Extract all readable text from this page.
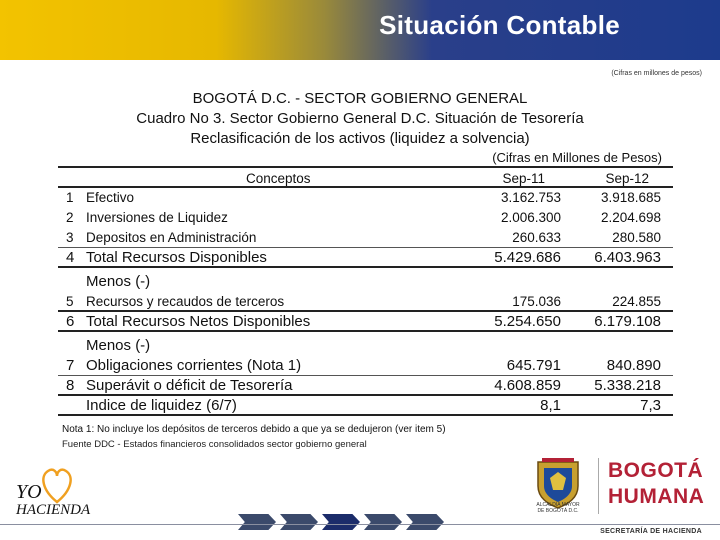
Situación Contable
(Cifras en millones de pesos)
BOGOTÁ D.C. - SECTOR GOBIERNO GENERAL
Cuadro No 3. Sector Gobierno General D.C. Situación de Tesorería
Reclasificación de los activos (liquidez a solvencia)
(Cifras en Millones de Pesos)
Conceptos	Sep-11	Sep-12
1 Efectivo	3.162.753	3.918.685
2 Inversiones de Liquidez	2.006.300	2.204.698
3 Depositos en Administración	260.633	280.580
4 Total Recursos Disponibles	5.429.686 6.403.963
Menos (-)
5 Recursos y recaudos de terceros	175.036	224.855
6 Total Recursos Netos Disponibles	5.254.650 6.179.108
Menos (-)
7 Obligaciones corrientes (Nota 1)	645.791	840.890
8 Superávit o déficit de Tesorería	4.608.859 5.338.218
Indice de liquidez (6/7)	8,1	7,3
Nota 1: No incluye los depósitos de terceros debido a que ya se dedujeron (ver item 5)
Fuente DDC - Estados financieros consolidados sector gobierno general
YO
HACIENDA	ALCALDÍA MAYOR
DE BOGOTÁ D.C.
BOGOTÁ
HUMANA
SECRETARÍA DE HACIENDA
